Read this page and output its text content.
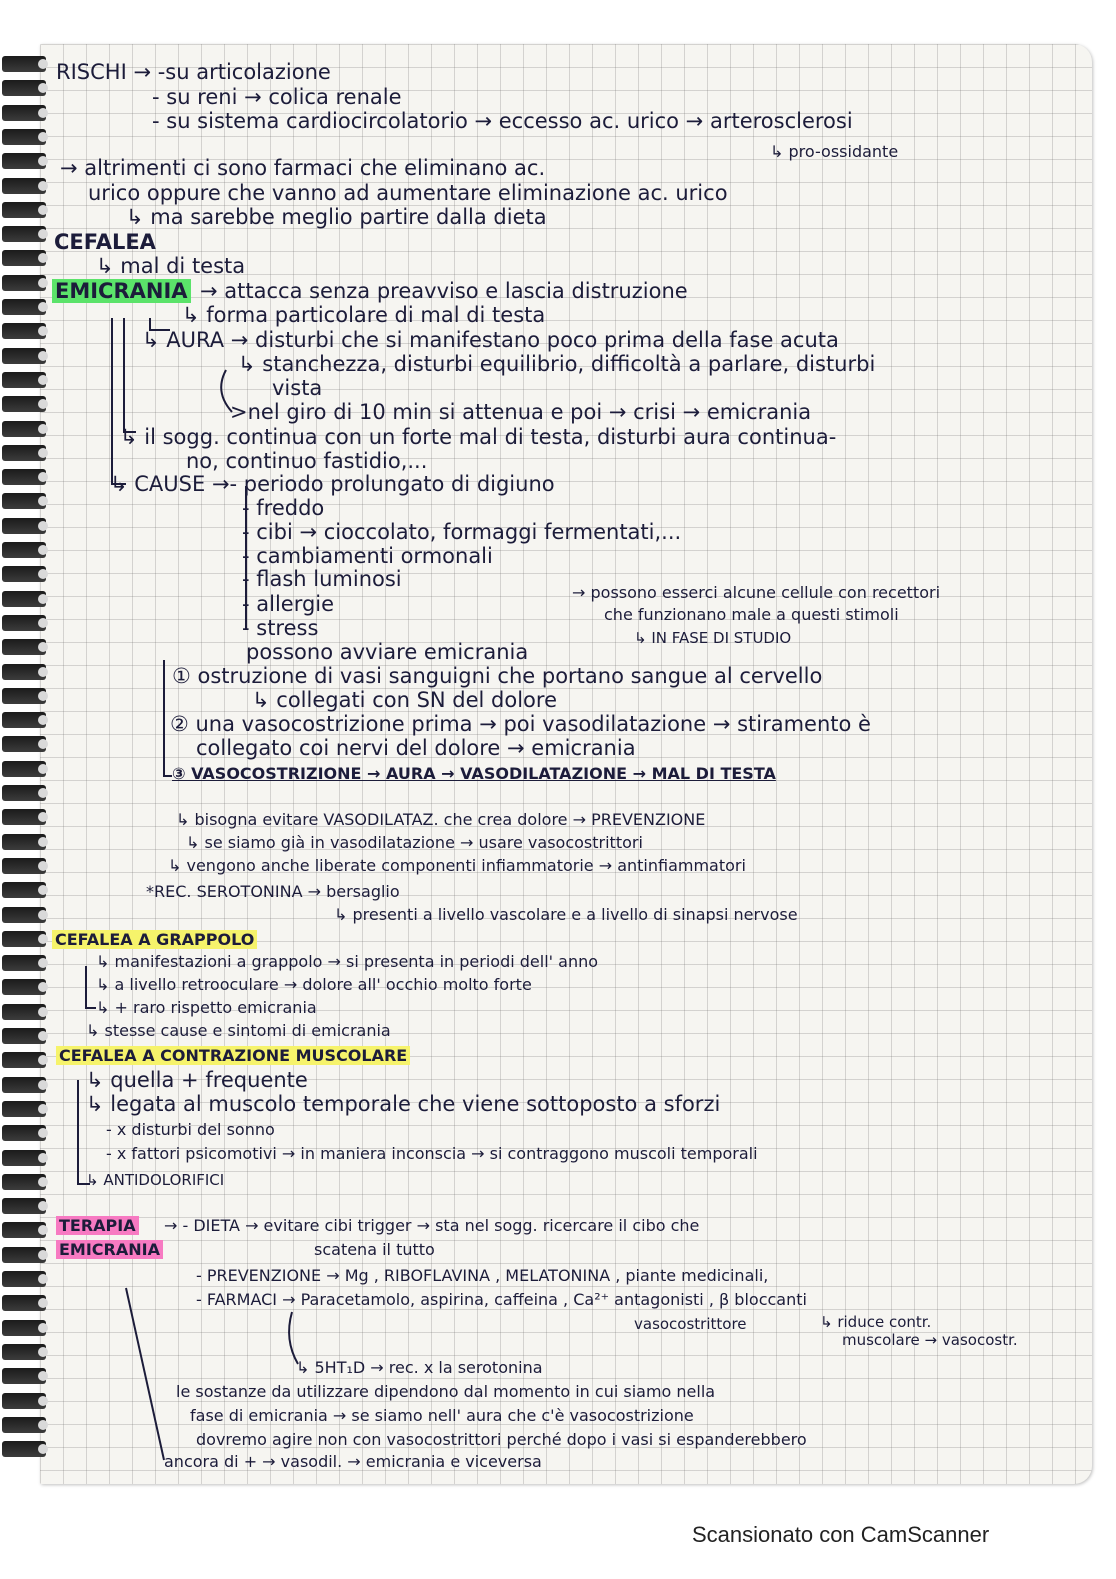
RISCHI → -su articolazione
- su reni → colica renale
- su sistema cardiocircolatorio → eccesso ac. urico → arterosclerosi
↳ pro-ossidante
→ altrimenti ci sono farmaci che eliminano ac.
urico oppure che vanno ad aumentare eliminazione ac. urico
↳ ma sarebbe meglio partire dalla dieta
CEFALEA
↳ mal di testa
EMICRANIA → attacca senza preavviso e lascia distruzione
↳ forma particolare di mal di testa
↳ AURA → disturbi che si manifestano poco prima della fase acuta
↳ stanchezza, disturbi equilibrio, difficoltà a parlare, disturbi
vista
>nel giro di 10 min si attenua e poi → crisi → emicrania
↳ il sogg. continua con un forte mal di testa, disturbi aura continua-
no, continuo fastidio,...
↳ CAUSE →- periodo prolungato di digiuno
- freddo
- cibi → cioccolato, formaggi fermentati,...
- cambiamenti ormonali
- flash luminosi
- allergie
- stress
→ possono esserci alcune cellule con recettori
che funzionano male a questi stimoli
↳ IN FASE DI STUDIO
possono avviare emicrania
① ostruzione di vasi sanguigni che portano sangue al cervello
↳ collegati con SN del dolore
② una vasocostrizione prima → poi vasodilatazione → stiramento è
collegato coi nervi del dolore → emicrania
③ VASOCOSTRIZIONE → AURA → VASODILATAZIONE → MAL DI TESTA
↳ bisogna evitare VASODILATAZ. che crea dolore → PREVENZIONE
↳ se siamo già in vasodilatazione → usare vasocostrittori
↳ vengono anche liberate componenti infiammatorie → antinfiammatori
*REC. SEROTONINA → bersaglio
↳ presenti a livello vascolare e a livello di sinapsi nervose
CEFALEA A GRAPPOLO
↳ manifestazioni a grappolo → si presenta in periodi dell' anno
↳ a livello retrooculare → dolore all' occhio molto forte
↳ + raro rispetto emicrania
↳ stesse cause e sintomi di emicrania
CEFALEA A CONTRAZIONE MUSCOLARE
↳ quella + frequente
↳ legata al muscolo temporale che viene sottoposto a sforzi
- x disturbi del sonno
- x fattori psicomotivi → in maniera inconscia → si contraggono muscoli temporali
↳ ANTIDOLORIFICI
TERAPIA
EMICRANIA
→ - DIETA → evitare cibi trigger → sta nel sogg. ricercare il cibo che
scatena il tutto
- PREVENZIONE → Mg , RIBOFLAVINA , MELATONINA , piante medicinali,
- FARMACI → Paracetamolo, aspirina, caffeina , Ca²⁺ antagonisti , β bloccanti
vasocostrittore	↳ riduce contr.
muscolare → vasocostr.
↳ 5HT₁D → rec. x la serotonina
le sostanze da utilizzare dipendono dal momento in cui siamo nella
fase di emicrania → se siamo nell' aura che c'è vasocostrizione
dovremo agire non con vasocostrittori perché dopo i vasi si espanderebbero
ancora di + → vasodil. → emicrania e viceversa
Scansionato con CamScanner
